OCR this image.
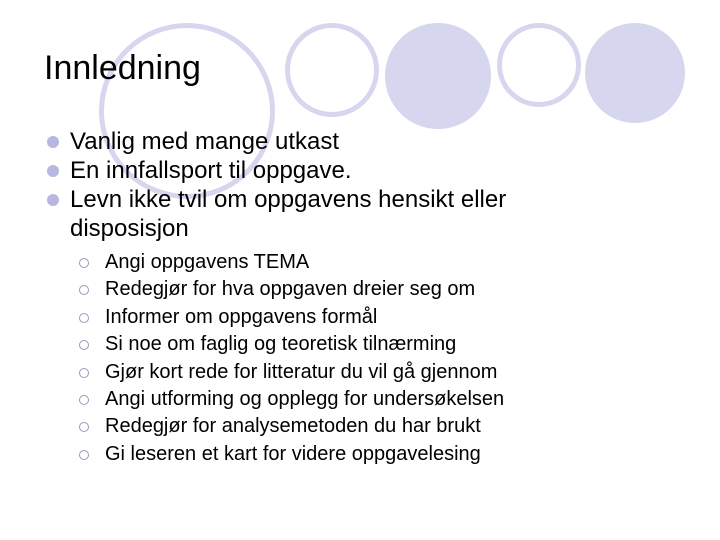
Innledning
Vanlig med mange utkast
En innfallsport til oppgave.
Levn ikke tvil om oppgavens hensikt eller disposisjon
Angi oppgavens TEMA
Redegjør for hva oppgaven dreier seg om
Informer om oppgavens formål
Si noe om faglig og teoretisk tilnærming
Gjør kort rede for litteratur du vil gå gjennom
Angi utforming og opplegg for undersøkelsen
Redegjør for analysemetoden du har brukt
Gi leseren et kart for videre oppgavelesing
